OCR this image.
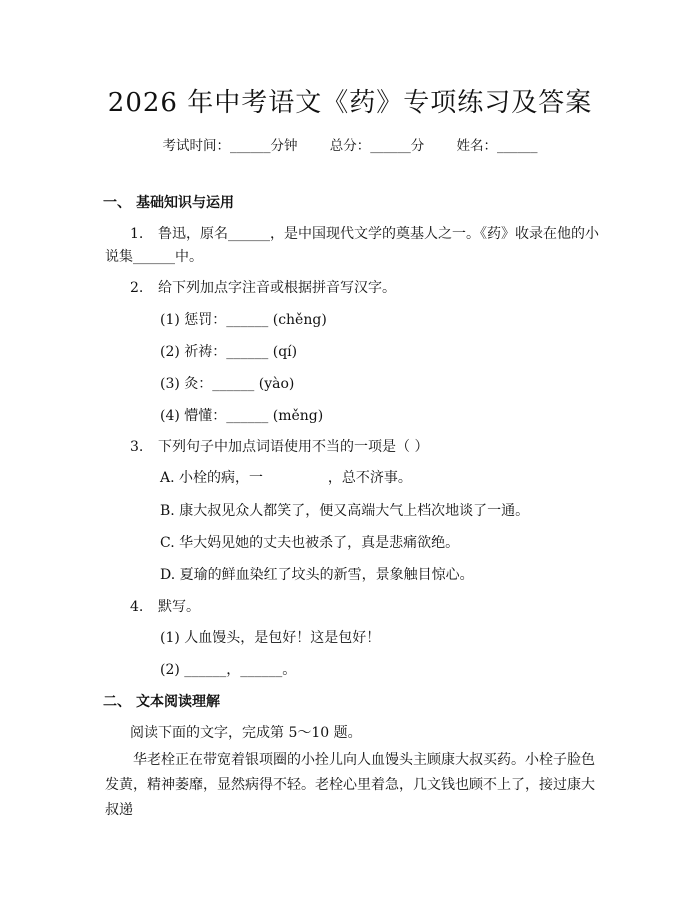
2026 年中考语文《药》专项练习及答案
考试时间：______分钟 总分：______分 姓名：______
一、 基础知识与运用
1. 鲁迅，原名______，是中国现代文学的奠基人之一。《药》收录在他的小
说集______中。
2. 给下列加点字注音或根据拼音写汉字。
(1) 惩罚：______ (chěng)
(2) 祈祷：______ (qí)
(3) 灸：______ (yào)
(4) 懵懂：______ (měng)
3. 下列句子中加点词语使用不当的一项是（ ）
A. 小栓的病，一 　　　　 ，总不济事。
B. 康大叔见众人都笑了，便又高端大气上档次地谈了一通。
C. 华大妈见她的丈夫也被杀了，真是悲痛欲绝。
D. 夏瑜的鲜血染红了坟头的新雪，景象触目惊心。
4. 默写。
(1) 人血馒头，是包好！这是包好！
(2) ______，______。
二、 文本阅读理解
阅读下面的文字，完成第 5～10 题。
华老栓正在带宽着银项圈的小拴儿向人血馒头主顾康大叔买药。小栓子脸色发黄，精神萎靡，显然病得不轻。老栓心里着急，几文钱也顾不上了，接过康大叔递
